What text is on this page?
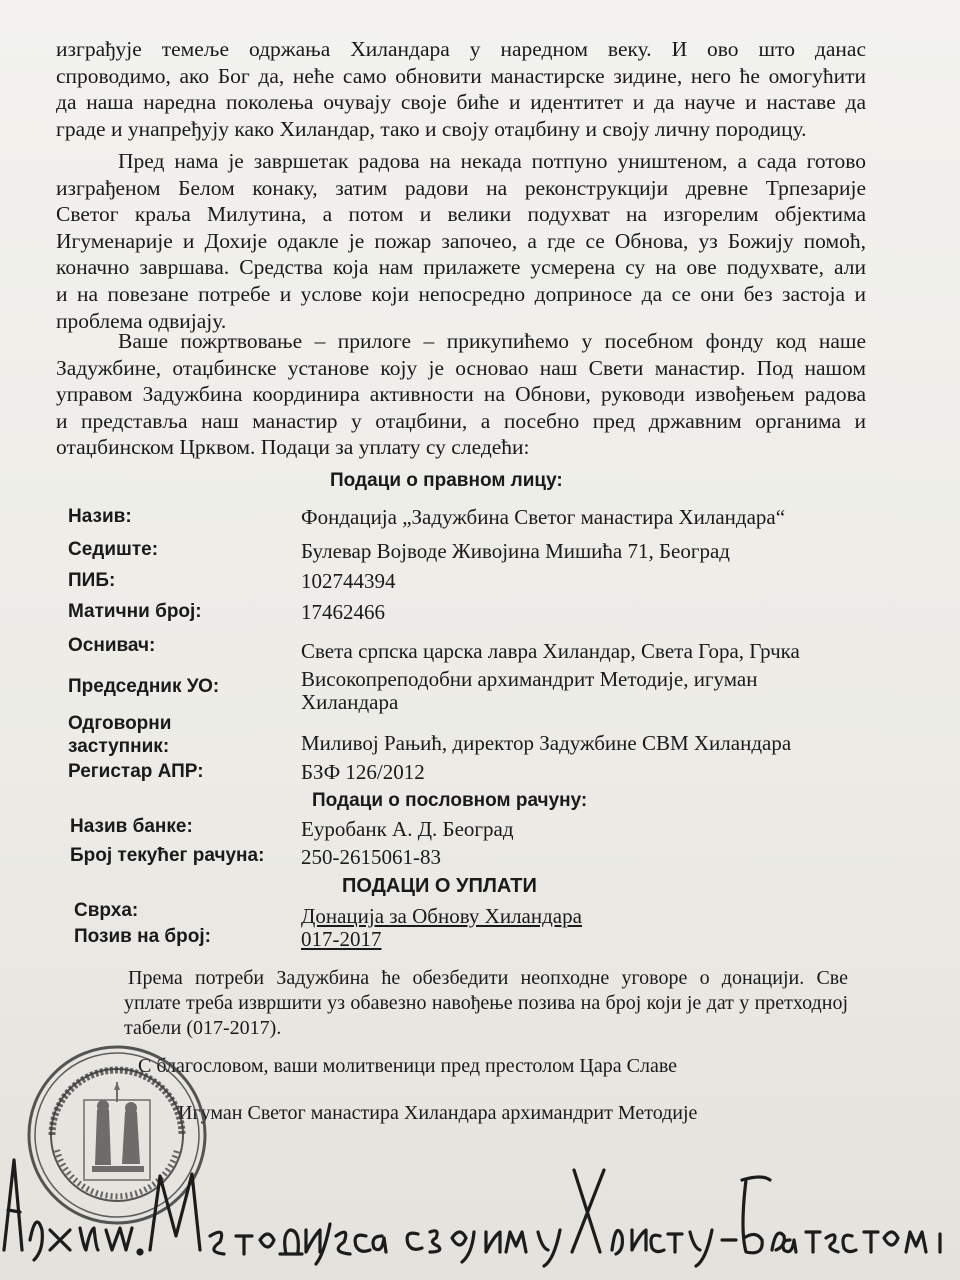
изграђује темеље одржања Хиландара у наредном веку. И ово што данас
спроводимо, ако Бог да, неће само обновити манастирске зидине, него ће омогућити
да наша наредна поколења очувају своје биће и идентитет и да науче и наставе да
граде и унапређују како Хиландар, тако и своју отаџбину и своју личну породицу.
Пред нама је завршетак радова на некада потпуно уништеном, а сада готово
изграђеном Белом конаку, затим радови на реконструкцији древне Трпезарије
Светог краља Милутина, а потом и велики подухват на изгорелим објектима
Игуменарије и Дохије одакле је пожар започео, а где се Обнова, уз Божију помоћ,
коначно завршава. Средства која нам прилажете усмерена су на ове подухвате, али
и на повезане потребе и услове који непосредно доприносе да се они без застоја и
проблема одвијају.
Ваше пожртвовање – прилоге – прикупићемо у посебном фонду код наше
Задужбине, отаџбинске установе коју је основао наш Свети манастир. Под нашом
управом Задужбина координира активности на Обнови, руководи извођењем радова
и представља наш манастир у отаџбини, а посебно пред државним органима и
отаџбинском Црквом. Подаци за уплату су следећи:
Подаци о правном лицу:
Назив:	Фондација „Задужбина Светог манастира Хиландара“
Седиште:	Булевар Војводе Живојина Мишића 71, Београд
ПИБ:	102744394
Матични број:	17462466
Оснивач:	Света српска царска лавра Хиландар, Света Гора, Грчка
Председник УО:	Високопреподобни архимандрит Методије, игуман
Хиландара
Одговорни
заступник:	Миливој Рањић, директор Задужбине СВМ Хиландара
Регистар АПР:	БЗФ 126/2012
Подаци о пословном рачуну:
Назив банке:	Еуробанк А. Д. Београд
Број текућег рачуна: 250-2615061-83
ПОДАЦИ О УПЛАТИ
Сврха:	Донација за Обнову Хиландара
Позив на број:	017-2017
Према потреби Задужбина ће обезбедити неопходне уговоре о донацији. Све
уплате треба извршити уз обавезно навођење позива на број који је дат у претходној
табели (017-2017).
С благословом, ваши молитвеници пред престолом Цара Славе
Игуман Светог манастира Хиландара архимандрит Методије
